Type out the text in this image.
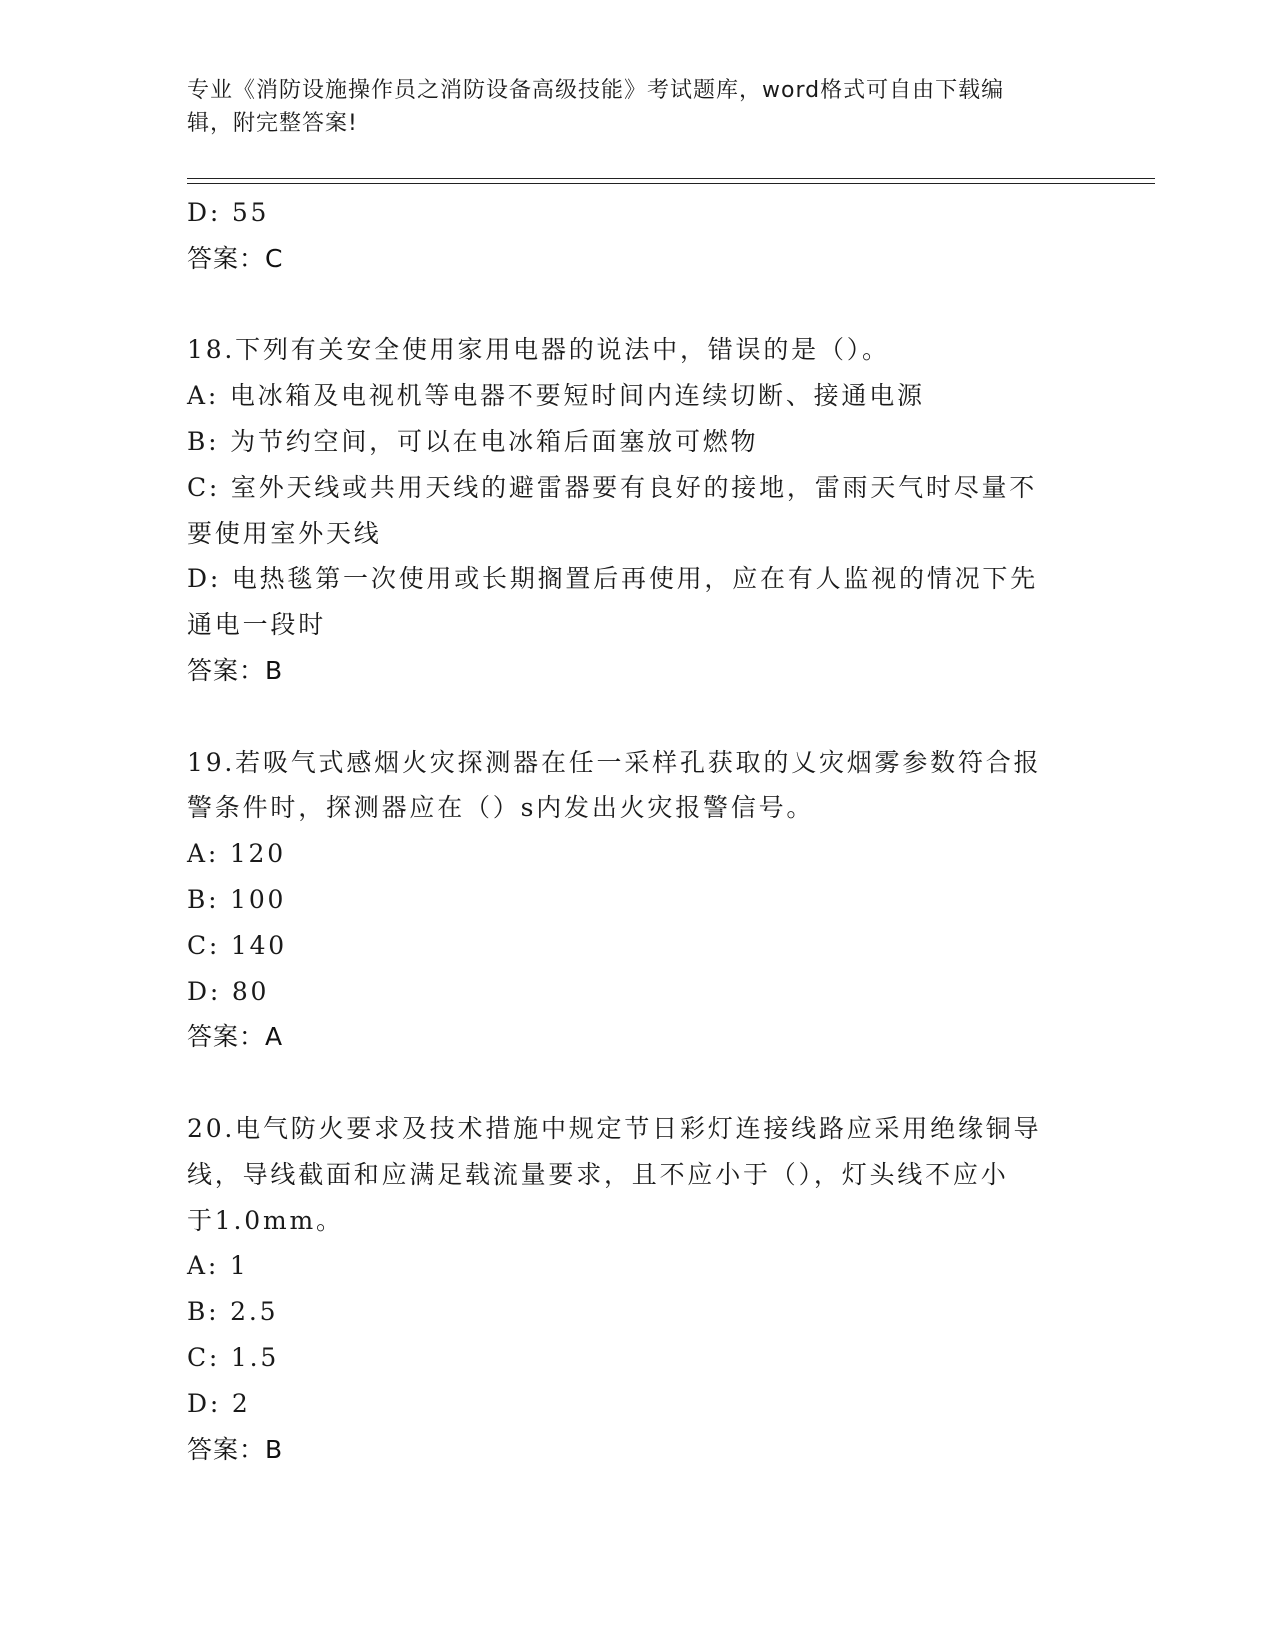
专业《消防设施操作员之消防设备高级技能》考试题库，word格式可自由下载编
辑，附完整答案!
D: 55
答案：C
18.下列有关安全使用家用电器的说法中，错误的是（）。
A: 电冰箱及电视机等电器不要短时间内连续切断、接通电源
B: 为节约空间，可以在电冰箱后面塞放可燃物
C: 室外天线或共用天线的避雷器要有良好的接地，雷雨天气时尽量不
要使用室外天线
D: 电热毯第一次使用或长期搁置后再使用，应在有人监视的情况下先
通电一段时
答案：B
19.若吸气式感烟火灾探测器在任一采样孔获取的乂灾烟雾参数符合报
警条件时，探测器应在（）s内发出火灾报警信号。
A: 120
B: 100
C: 140
D: 80
答案：A
20.电气防火要求及技术措施中规定节日彩灯连接线路应采用绝缘铜导
线，导线截面和应满足载流量要求，且不应小于（），灯头线不应小
于1.0mm。
A: 1
B: 2.5
C: 1.5
D: 2
答案：B
